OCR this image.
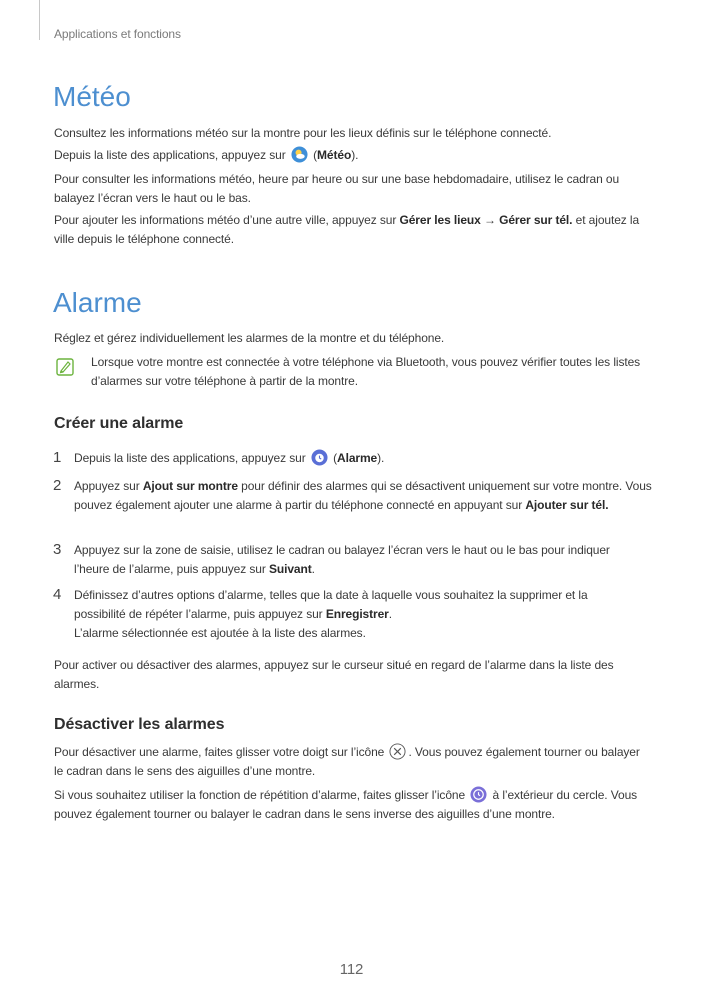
Applications et fonctions
Météo

Consultez les informations météo sur la montre pour les lieux définis sur le téléphone connecté.

Depuis la liste des applications, appuyez sur (Météo).

Pour consulter les informations météo, heure par heure ou sur une base hebdomadaire, utilisez le cadran ou balayez l’écran vers le haut ou le bas.

Pour ajouter les informations météo d’une autre ville, appuyez sur Gérer les lieux → Gérer sur tél. et ajoutez la ville depuis le téléphone connecté.

Alarme

Réglez et gérez individuellement les alarmes de la montre et du téléphone.

Lorsque votre montre est connectée à votre téléphone via Bluetooth, vous pouvez vérifier toutes les listes d’alarmes sur votre téléphone à partir de la montre.

Créer une alarme
1 Depuis la liste des applications, appuyez sur (Alarme).

2 Appuyez sur Ajout sur montre pour définir des alarmes qui se désactivent uniquement sur votre montre. Vous pouvez également ajouter une alarme à partir du téléphone connecté en appuyant sur Ajouter sur tél.

3 Appuyez sur la zone de saisie, utilisez le cadran ou balayez l’écran vers le haut ou le bas pour indiquer l’heure de l’alarme, puis appuyez sur Suivant.

4 Définissez d’autres options d’alarme, telles que la date à laquelle vous souhaitez la supprimer et la possibilité de répéter l’alarme, puis appuyez sur Enregistrer.
L’alarme sélectionnée est ajoutée à la liste des alarmes.

Pour activer ou désactiver des alarmes, appuyez sur le curseur situé en regard de l’alarme dans la liste des alarmes.

Désactiver les alarmes

Pour désactiver une alarme, faites glisser votre doigt sur l’icône . Vous pouvez également tourner ou balayer le cadran dans le sens des aiguilles d’une montre.

Si vous souhaitez utiliser la fonction de répétition d’alarme, faites glisser l’icône  à l’extérieur du cercle. Vous pouvez également tourner ou balayer le cadran dans le sens inverse des aiguilles d’une montre.

112
